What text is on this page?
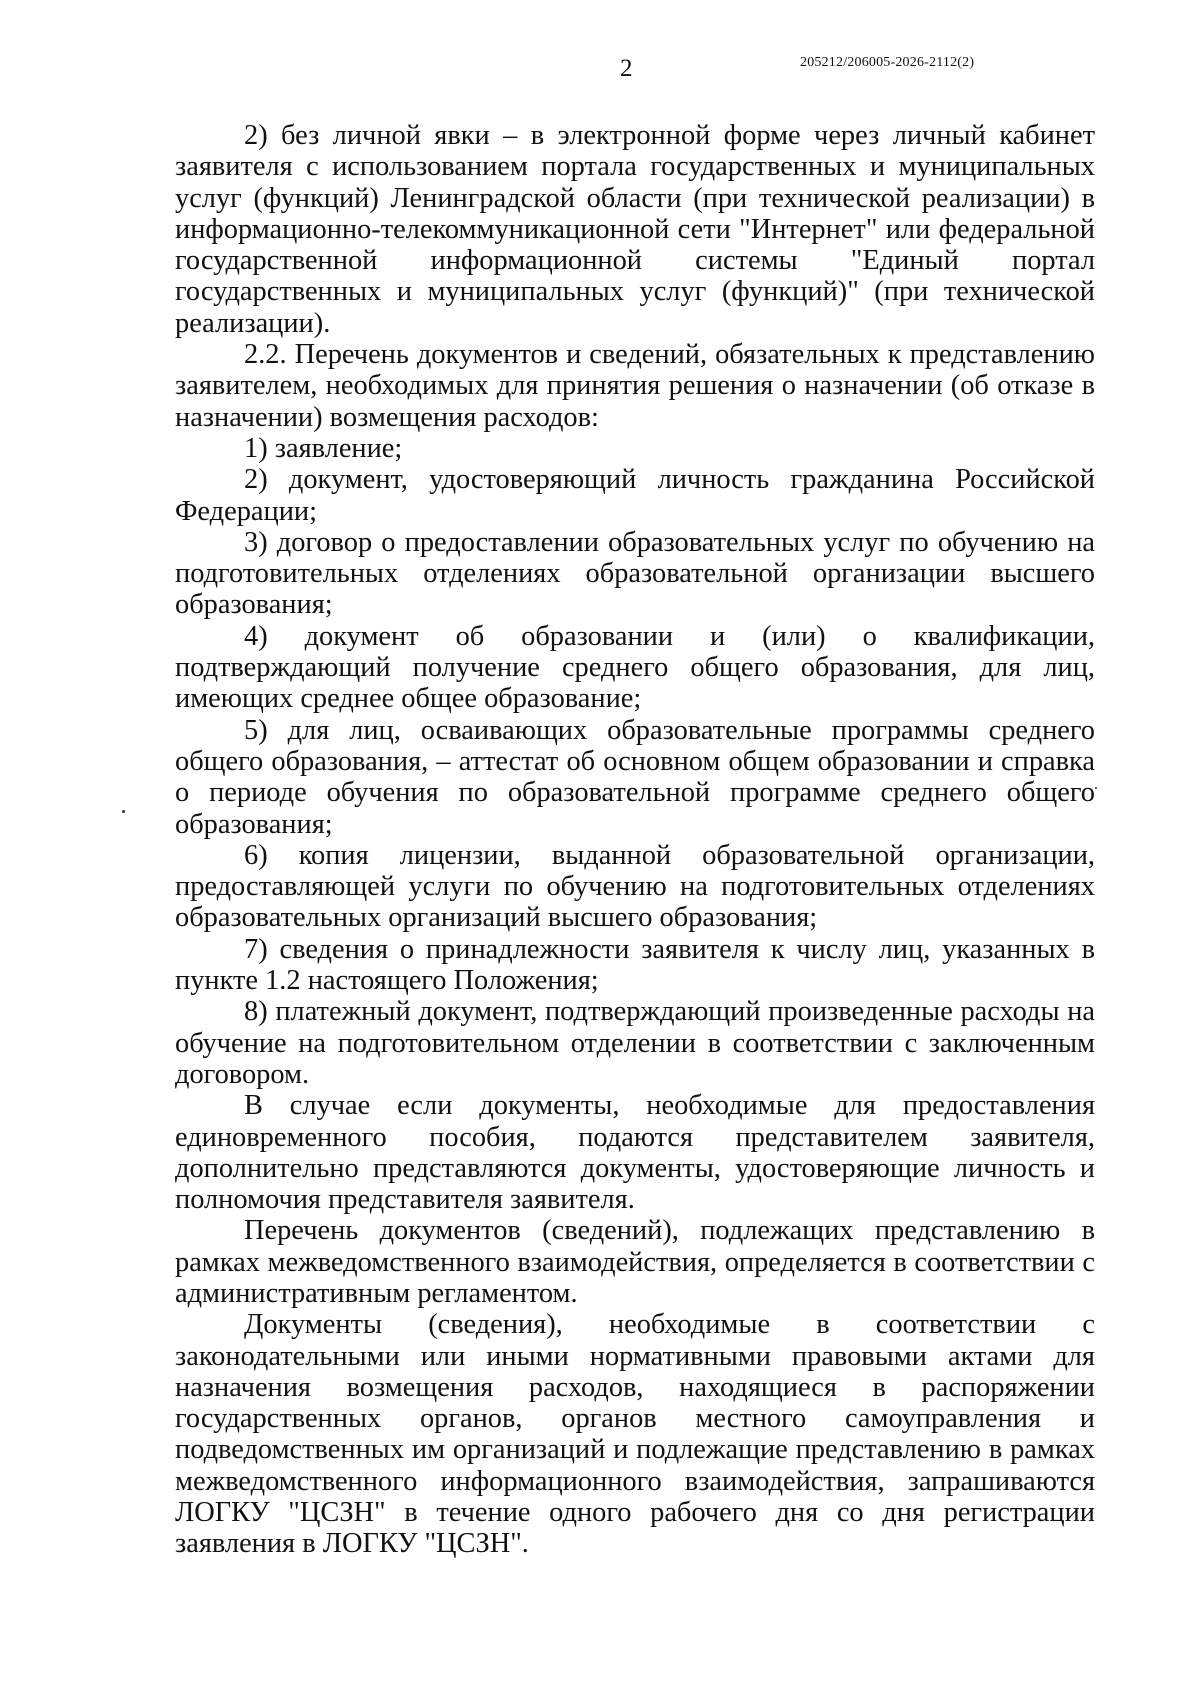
2	205212/206005-2026-2112(2)

2) без личной явки – в электронной форме через личный кабинет заявителя с использованием портала государственных и муниципальных услуг (функций) Ленинградской области (при технической реализации) в информационно-телекоммуникационной сети "Интернет" или федеральной государственной информационной системы "Единый портал государственных и муниципальных услуг (функций)" (при технической реализации).

2.2. Перечень документов и сведений, обязательных к представлению заявителем, необходимых для принятия решения о назначении (об отказе в назначении) возмещения расходов:

1) заявление;

2) документ, удостоверяющий личность гражданина Российской Федерации;

3) договор о предоставлении образовательных услуг по обучению на подготовительных отделениях образовательной организации высшего образования;

4) документ об образовании и (или) о квалификации, подтверждающий получение среднего общего образования, для лиц, имеющих среднее общее образование;

5) для лиц, осваивающих образовательные программы среднего общего образования, – аттестат об основном общем образовании и справка о периоде обучения по образовательной программе среднего общего образования;

6) копия лицензии, выданной образовательной организации, предоставляющей услуги по обучению на подготовительных отделениях образовательных организаций высшего образования;

7) сведения о принадлежности заявителя к числу лиц, указанных в пункте 1.2 настоящего Положения;

8) платежный документ, подтверждающий произведенные расходы на обучение на подготовительном отделении в соответствии с заключенным договором.

В случае если документы, необходимые для предоставления единовременного пособия, подаются представителем заявителя, дополнительно представляются документы, удостоверяющие личность и полномочия представителя заявителя.

Перечень документов (сведений), подлежащих представлению в рамках межведомственного взаимодействия, определяется в соответствии с административным регламентом.

Документы (сведения), необходимые в соответствии с законодательными или иными нормативными правовыми актами для назначения возмещения расходов, находящиеся в распоряжении государственных органов, органов местного самоуправления и подведомственных им организаций и подлежащие представлению в рамках межведомственного информационного взаимодействия, запрашиваются ЛОГКУ "ЦСЗН" в течение одного рабочего дня со дня регистрации заявления в ЛОГКУ "ЦСЗН".
